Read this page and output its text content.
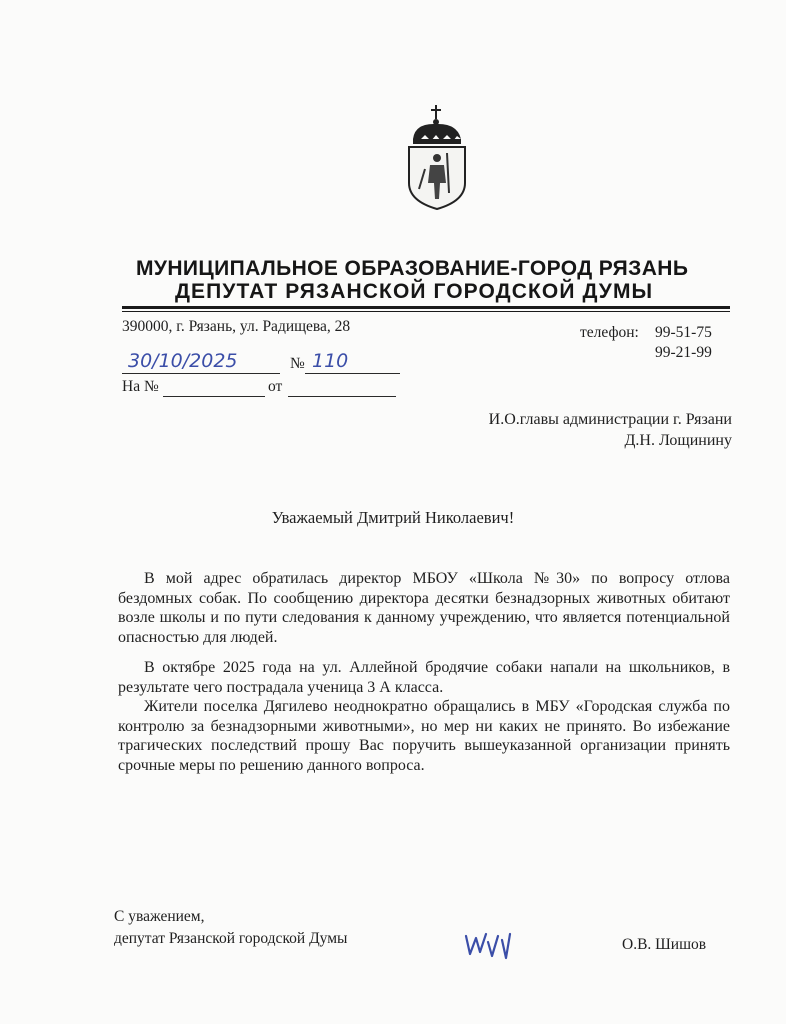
МУНИЦИПАЛЬНОЕ ОБРАЗОВАНИЕ-ГОРОД РЯЗАНЬ
ДЕПУТАТ РЯЗАНСКОЙ ГОРОДСКОЙ ДУМЫ
390000, г. Рязань, ул. Радищева, 28	телефон: 99-51-75
99-21-99
30/10/2025	№ 110
На №	от
И.О.главы администрации г. Рязани
Д.Н. Лощинину
Уважаемый Дмитрий Николаевич!

В мой адрес обратилась директор МБОУ «Школа №30» по вопросу отлова бездомных собак. По сообщению директора десятки безнадзорных животных обитают возле школы и по пути следования к данному учреждению, что является потенциальной опасностью для людей.

В октябре 2025 года на ул. Аллейной бродячие собаки напали на школьников, в результате чего пострадала ученица 3 А класса.

Жители поселка Дягилево неоднократно обращались в МБУ «Городская служба по контролю за безнадзорными животными», но мер ни каких не принято. Во избежание трагических последствий прошу Вас поручить вышеуказанной организации принять срочные меры по решению данного вопроса.

С уважением,
депутат Рязанской городской Думы	О.В. Шишов
